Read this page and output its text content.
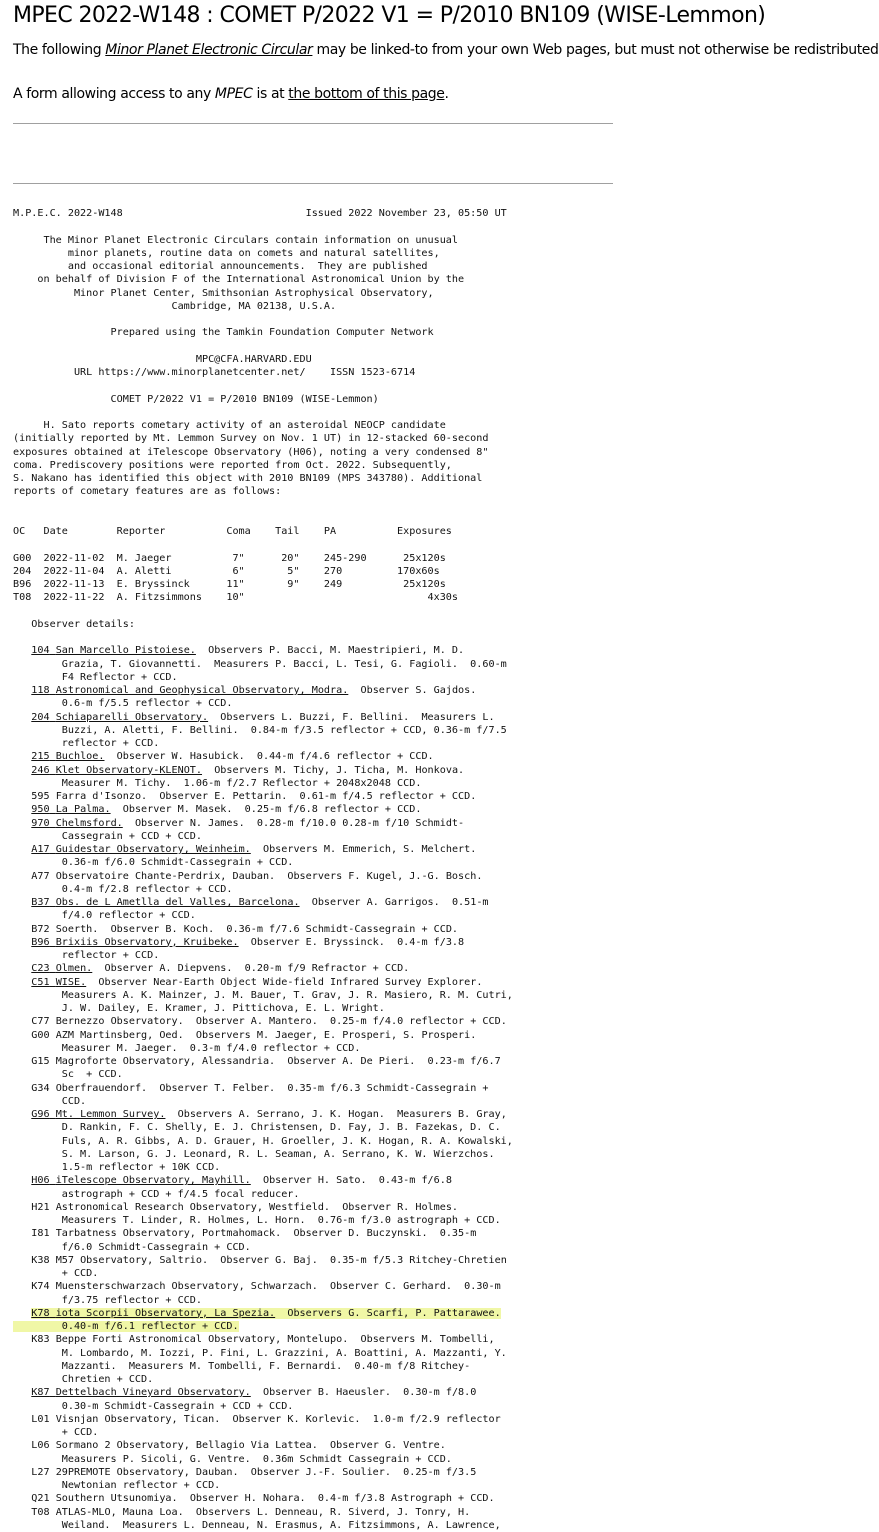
MPEC 2022-W148 : COMET P/2022 V1 = P/2010 BN109 (WISE-Lemmon)
The following Minor Planet Electronic Circular may be linked-to from your own Web pages, but must not otherwise be redistributed
A form allowing access to any MPEC is at the bottom of this page.
M.P.E.C. 2022-W148                              Issued 2022 November 23, 05:50 UT

The Minor Planet Electronic Circulars contain information on unusual
minor planets, routine data on comets and natural satellites,
and occasional editorial announcements.  They are published
on behalf of Division F of the International Astronomical Union by the
Minor Planet Center, Smithsonian Astrophysical Observatory,
Cambridge, MA 02138, U.S.A.

Prepared using the Tamkin Foundation Computer Network

MPC@CFA.HARVARD.EDU
URL https://www.minorplanetcenter.net/    ISSN 1523-6714

COMET P/2022 V1 = P/2010 BN109 (WISE-Lemmon)

H. Sato reports cometary activity of an asteroidal NEOCP candidate
(initially reported by Mt. Lemmon Survey on Nov. 1 UT) in 12-stacked 60-second
exposures obtained at iTelescope Observatory (H06), noting a very condensed 8"
coma. Prediscovery positions were reported from Oct. 2022. Subsequently,
S. Nakano has identified this object with 2010 BN109 (MPS 343780). Additional
reports of cometary features are as follows:

OC   Date        Reporter          Coma    Tail    PA          Exposures

G00  2022-11-02  M. Jaeger          7"      20"    245-290      25x120s
204  2022-11-04  A. Aletti          6"       5"    270         170x60s
B96  2022-11-13  E. Bryssinck      11"       9"    249          25x120s
T08  2022-11-22  A. Fitzsimmons    10"                              4x30s

Observer details:

104 San Marcello Pistoiese.  Observers P. Bacci, M. Maestripieri, M. D.
Grazia, T. Giovannetti.  Measurers P. Bacci, L. Tesi, G. Fagioli.  0.60-m
F4 Reflector + CCD.
118 Astronomical and Geophysical Observatory, Modra.  Observer S. Gajdos.
0.6-m f/5.5 reflector + CCD.
204 Schiaparelli Observatory.  Observers L. Buzzi, F. Bellini.  Measurers L.
Buzzi, A. Aletti, F. Bellini.  0.84-m f/3.5 reflector + CCD, 0.36-m f/7.5
reflector + CCD.
215 Buchloe.  Observer W. Hasubick.  0.44-m f/4.6 reflector + CCD.
246 Klet Observatory-KLENOT.  Observers M. Tichy, J. Ticha, M. Honkova.
Measurer M. Tichy.  1.06-m f/2.7 Reflector + 2048x2048 CCD.
595 Farra d'Isonzo.  Observer E. Pettarin.  0.61-m f/4.5 reflector + CCD.
950 La Palma.  Observer M. Masek.  0.25-m f/6.8 reflector + CCD.
970 Chelmsford.  Observer N. James.  0.28-m f/10.0 0.28-m f/10 Schmidt-
Cassegrain + CCD + CCD.
A17 Guidestar Observatory, Weinheim.  Observers M. Emmerich, S. Melchert.
0.36-m f/6.0 Schmidt-Cassegrain + CCD.
A77 Observatoire Chante-Perdrix, Dauban.  Observers F. Kugel, J.-G. Bosch.
0.4-m f/2.8 reflector + CCD.
B37 Obs. de L Ametlla del Valles, Barcelona.  Observer A. Garrigos.  0.51-m
f/4.0 reflector + CCD.
B72 Soerth.  Observer B. Koch.  0.36-m f/7.6 Schmidt-Cassegrain + CCD.
B96 Brixiis Observatory, Kruibeke.  Observer E. Bryssinck.  0.4-m f/3.8
reflector + CCD.
C23 Olmen.  Observer A. Diepvens.  0.20-m f/9 Refractor + CCD.
C51 WISE.  Observer Near-Earth Object Wide-field Infrared Survey Explorer.
Measurers A. K. Mainzer, J. M. Bauer, T. Grav, J. R. Masiero, R. M. Cutri,
J. W. Dailey, E. Kramer, J. Pittichova, E. L. Wright.
C77 Bernezzo Observatory.  Observer A. Mantero.  0.25-m f/4.0 reflector + CCD.
G00 AZM Martinsberg, Oed.  Observers M. Jaeger, E. Prosperi, S. Prosperi.
Measurer M. Jaeger.  0.3-m f/4.0 reflector + CCD.
G15 Magroforte Observatory, Alessandria.  Observer A. De Pieri.  0.23-m f/6.7
Sc  + CCD.
G34 Oberfrauendorf.  Observer T. Felber.  0.35-m f/6.3 Schmidt-Cassegrain +
CCD.
G96 Mt. Lemmon Survey.  Observers A. Serrano, J. K. Hogan.  Measurers B. Gray,
D. Rankin, F. C. Shelly, E. J. Christensen, D. Fay, J. B. Fazekas, D. C.
Fuls, A. R. Gibbs, A. D. Grauer, H. Groeller, J. K. Hogan, R. A. Kowalski,
S. M. Larson, G. J. Leonard, R. L. Seaman, A. Serrano, K. W. Wierzchos.
1.5-m reflector + 10K CCD.
H06 iTelescope Observatory, Mayhill.  Observer H. Sato.  0.43-m f/6.8
astrograph + CCD + f/4.5 focal reducer.
H21 Astronomical Research Observatory, Westfield.  Observer R. Holmes.
Measurers T. Linder, R. Holmes, L. Horn.  0.76-m f/3.0 astrograph + CCD.
I81 Tarbatness Observatory, Portmahomack.  Observer D. Buczynski.  0.35-m
f/6.0 Schmidt-Cassegrain + CCD.
K38 M57 Observatory, Saltrio.  Observer G. Baj.  0.35-m f/5.3 Ritchey-Chretien
+ CCD.
K74 Muensterschwarzach Observatory, Schwarzach.  Observer C. Gerhard.  0.30-m
f/3.75 reflector + CCD.
K78 iota Scorpii Observatory, La Spezia.  Observers G. Scarfi, P. Pattarawee.
0.40-m f/6.1 reflector + CCD.
K83 Beppe Forti Astronomical Observatory, Montelupo.  Observers M. Tombelli,
M. Lombardo, M. Iozzi, P. Fini, L. Grazzini, A. Boattini, A. Mazzanti, Y.
Mazzanti.  Measurers M. Tombelli, F. Bernardi.  0.40-m f/8 Ritchey-
Chretien + CCD.
K87 Dettelbach Vineyard Observatory.  Observer B. Haeusler.  0.30-m f/8.0
0.30-m Schmidt-Cassegrain + CCD + CCD.
L01 Visnjan Observatory, Tican.  Observer K. Korlevic.  1.0-m f/2.9 reflector
+ CCD.
L06 Sormano 2 Observatory, Bellagio Via Lattea.  Observer G. Ventre.
Measurers P. Sicoli, G. Ventre.  0.36m Schmidt Cassegrain + CCD.
L27 29PREMOTE Observatory, Dauban.  Observer J.-F. Soulier.  0.25-m f/3.5
Newtonian reflector + CCD.
Q21 Southern Utsunomiya.  Observer H. Nohara.  0.4-m f/3.8 Astrograph + CCD.
T08 ATLAS-MLO, Mauna Loa.  Observers L. Denneau, R. Siverd, J. Tonry, H.
Weiland.  Measurers L. Denneau, N. Erasmus, A. Fitzsimmons, A. Lawrence,
